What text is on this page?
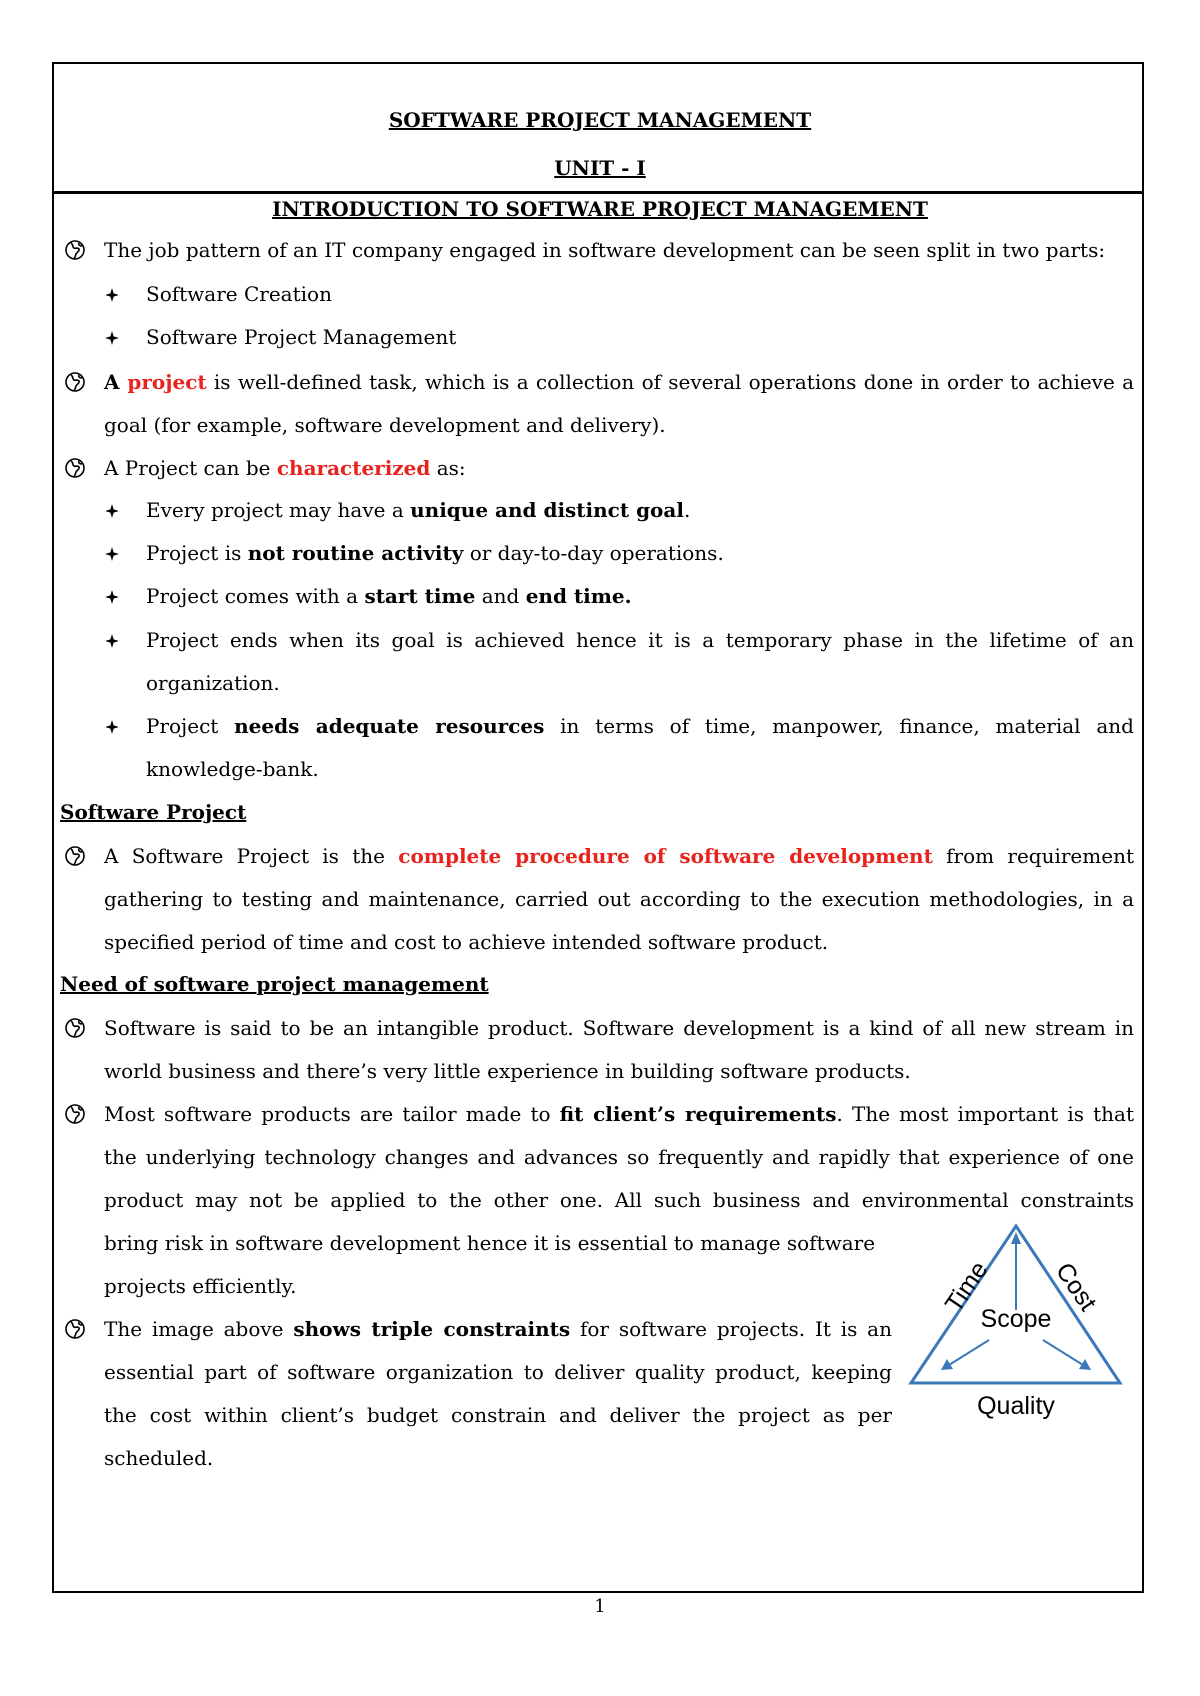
SOFTWARE PROJECT MANAGEMENT
UNIT - I
INTRODUCTION TO SOFTWARE PROJECT MANAGEMENT
The job pattern of an IT company engaged in software development can be seen split in two parts:
Software Creation
Software Project Management
A project is well-defined task, which is a collection of several operations done in order to achieve a
goal (for example, software development and delivery).
A Project can be characterized as:
Every project may have a unique and distinct goal.
Project is not routine activity or day-to-day operations.
Project comes with a start time and end time.
Project ends when its goal is achieved hence it is a temporary phase in the lifetime of an
organization.
Project needs adequate resources in terms of time, manpower, finance, material and
knowledge-bank.
Software Project
A Software Project is the complete procedure of software development from requirement
gathering to testing and maintenance, carried out according to the execution methodologies, in a
specified period of time and cost to achieve intended software product.
Need of software project management
Software is said to be an intangible product. Software development is a kind of all new stream in
world business and there’s very little experience in building software products.
Most software products are tailor made to fit client’s requirements. The most important is that
the underlying technology changes and advances so frequently and rapidly that experience of one
product may not be applied to the other one. All such business and environmental constraints
bring risk in software development hence it is essential to manage software
projects efficiently.
The image above shows triple constraints for software projects. It is an
essential part of software organization to deliver quality product, keeping
the cost within client’s budget constrain and deliver the project as per
scheduled.
Scope
Quality
Time Cost
1
